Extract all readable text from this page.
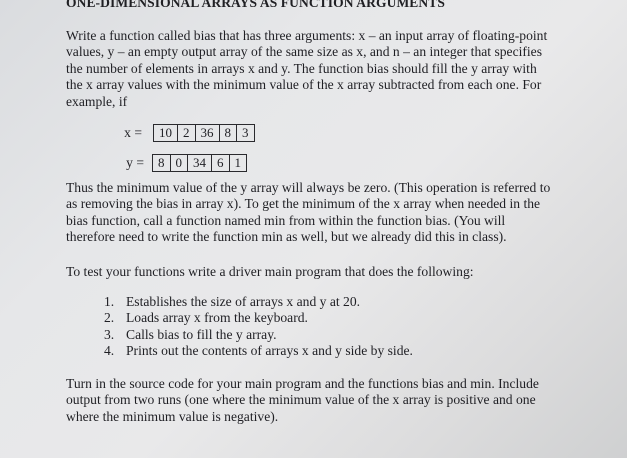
ONE-DIMENSIONAL ARRAYS AS FUNCTION ARGUMENTS
Write a function called bias that has three arguments: x – an input array of floating-point
values, y – an empty output array of the same size as x, and n – an integer that specifies
the number of elements in arrays x and y. The function bias should fill the y array with
the x array values with the minimum value of the x array subtracted from each one. For
example, if
x =	10 2 36 8 3
y =	8 0 34 6 1
Thus the minimum value of the y array will always be zero. (This operation is referred to
as removing the bias in array x). To get the minimum of the x array when needed in the
bias function, call a function named min from within the function bias. (You will
therefore need to write the function min as well, but we already did this in class).
To test your functions write a driver main program that does the following:
1. Establishes the size of arrays x and y at 20.
2. Loads array x from the keyboard.
3. Calls bias to fill the y array.
4. Prints out the contents of arrays x and y side by side.
Turn in the source code for your main program and the functions bias and min. Include
output from two runs (one where the minimum value of the x array is positive and one
where the minimum value is negative).
